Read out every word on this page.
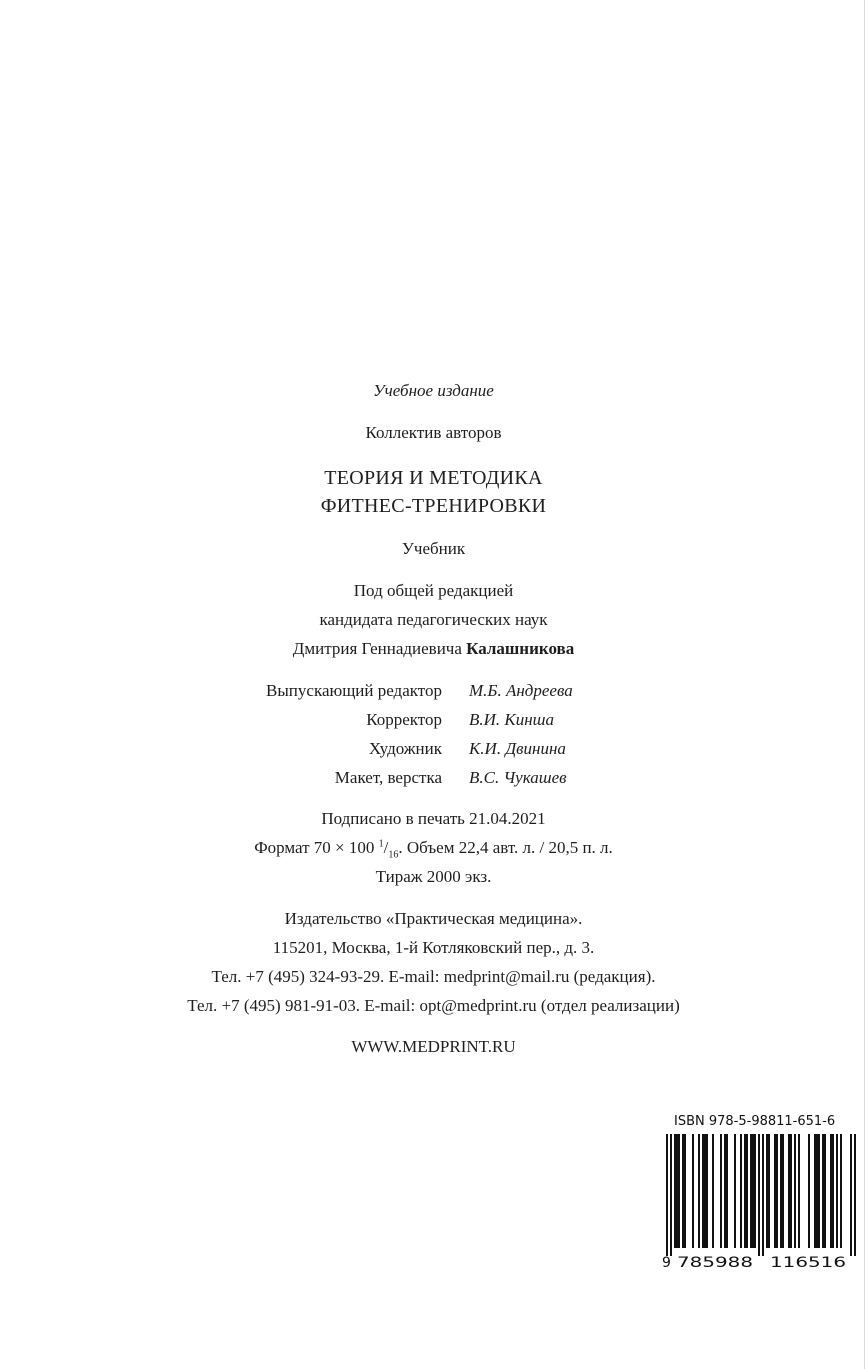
Учебное издание
Коллектив авторов
ТЕОРИЯ И МЕТОДИКА
ФИТНЕС-ТРЕНИРОВКИ
Учебник
Под общей редакцией
кандидата педагогических наук
Дмитрия Геннадиевича Калашникова
Выпускающий редактор М.Б. Андреева
Корректор В.И. Кинша
Художник К.И. Двинина
Макет, верстка В.С. Чукашев
Подписано в печать 21.04.2021
Формат 70 × 100 $^1/_{16}$. Объем 22,4 авт. л. / 20,5 п. л.
Тираж 2000 экз.
Издательство «Практическая медицина».
115201, Москва, 1-й Котляковский пер., д. 3.
Тел. +7 (495) 324-93-29. E-mail: medprint@mail.ru (редакция).
Тел. +7 (495) 981-91-03. E-mail: opt@medprint.ru (отдел реализации)
WWW.MEDPRINT.RU
ISBN 978-5-98811-651-6
9 785988 116516
